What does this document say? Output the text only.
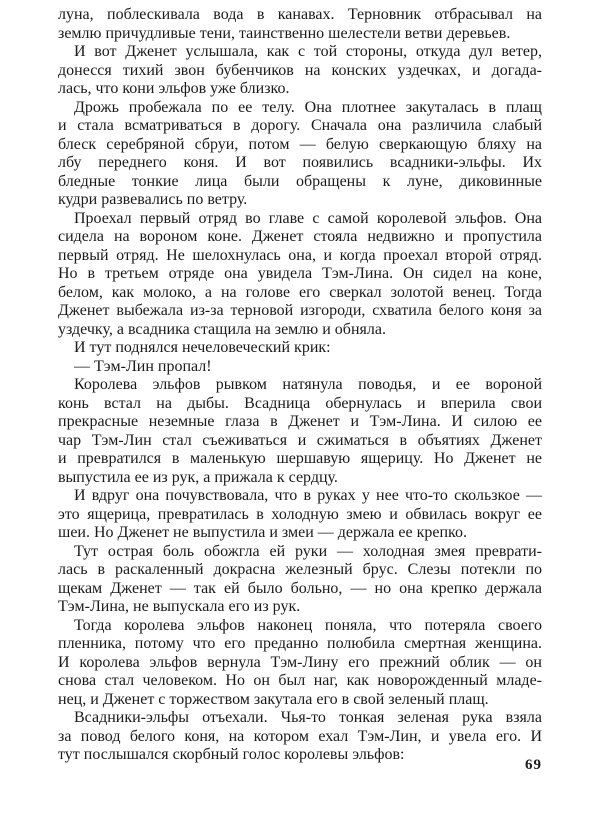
луна, поблескивала вода в канавах. Терновник отбрасывал на
землю причудливые тени, таинственно шелестели ветви деревьев.
И вот Дженет услышала, как с той стороны, откуда дул ветер,
донесся тихий звон бубенчиков на конских уздечках, и догада-
лась, что кони эльфов уже близко.
Дрожь пробежала по ее телу. Она плотнее закуталась в плащ
и стала всматриваться в дорогу. Сначала она различила слабый
блеск серебряной сбруи, потом — белую сверкающую бляху на
лбу переднего коня. И вот появились всадники-эльфы. Их
бледные тонкие лица были обращены к луне, диковинные
кудри развевались по ветру.
Проехал первый отряд во главе с самой королевой эльфов. Она
сидела на вороном коне. Дженет стояла недвижно и пропустила
первый отряд. Не шелохнулась она, и когда проехал второй отряд.
Но в третьем отряде она увидела Тэм-Лина. Он сидел на коне,
белом, как молоко, а на голове его сверкал золотой венец. Тогда
Дженет выбежала из-за терновой изгороди, схватила белого коня за
уздечку, а всадника стащила на землю и обняла.
И тут поднялся нечеловеческий крик:
— Тэм-Лин пропал!
Королева эльфов рывком натянула поводья, и ее вороной
конь встал на дыбы. Всадница обернулась и вперила свои
прекрасные неземные глаза в Дженет и Тэм-Лина. И силою ее
чар Тэм-Лин стал съеживаться и сжиматься в объятиях Дженет
и превратился в маленькую шершавую ящерицу. Но Дженет не
выпустила ее из рук, а прижала к сердцу.
И вдруг она почувствовала, что в руках у нее что-то скользкое —
это ящерица, превратилась в холодную змею и обвилась вокруг ее
шеи. Но Дженет не выпустила и змеи — держала ее крепко.
Тут острая боль обожгла ей руки — холодная змея преврати-
лась в раскаленный докрасна железный брус. Слезы потекли по
щекам Дженет — так ей было больно, — но она крепко держала
Тэм-Лина, не выпускала его из рук.
Тогда королева эльфов наконец поняла, что потеряла своего
пленника, потому что его преданно полюбила смертная женщина.
И королева эльфов вернула Тэм-Лину его прежний облик — он
снова стал человеком. Но он был наг, как новорожденный младе-
нец, и Дженет с торжеством закутала его в свой зеленый плащ.
Всадники-эльфы отъехали. Чья-то тонкая зеленая рука взяла
за повод белого коня, на котором ехал Тэм-Лин, и увела его. И
тут послышался скорбный голос королевы эльфов:
69
